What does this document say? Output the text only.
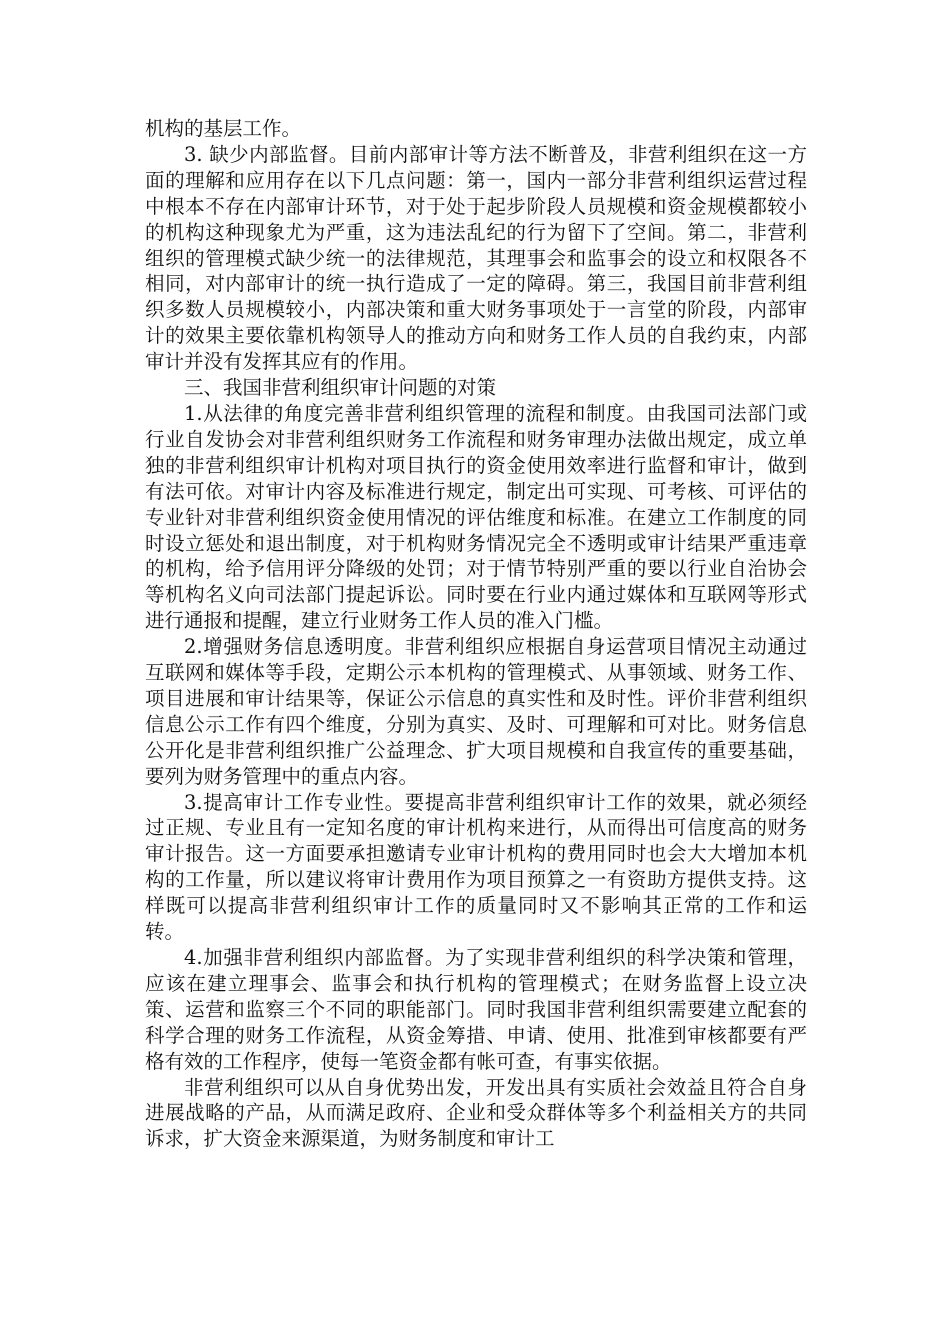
机构的基层工作。

3. 缺少内部监督。目前内部审计等方法不断普及，非营利组织在这一方面的理解和应用存在以下几点问题：第一，国内一部分非营利组织运营过程中根本不存在内部审计环节，对于处于起步阶段人员规模和资金规模都较小的机构这种现象尤为严重，这为违法乱纪的行为留下了空间。第二，非营利组织的管理模式缺少统一的法律规范，其理事会和监事会的设立和权限各不相同，对内部审计的统一执行造成了一定的障碍。第三，我国目前非营利组织多数人员规模较小，内部决策和重大财务事项处于一言堂的阶段，内部审计的效果主要依靠机构领导人的推动方向和财务工作人员的自我约束，内部审计并没有发挥其应有的作用。

三、我国非营利组织审计问题的对策

1.从法律的角度完善非营利组织管理的流程和制度。由我国司法部门或行业自发协会对非营利组织财务工作流程和财务审理办法做出规定，成立单独的非营利组织审计机构对项目执行的资金使用效率进行监督和审计，做到有法可依。对审计内容及标准进行规定，制定出可实现、可考核、可评估的专业针对非营利组织资金使用情况的评估维度和标准。在建立工作制度的同时设立惩处和退出制度，对于机构财务情况完全不透明或审计结果严重违章的机构，给予信用评分降级的处罚；对于情节特别严重的要以行业自治协会等机构名义向司法部门提起诉讼。同时要在行业内通过媒体和互联网等形式进行通报和提醒，建立行业财务工作人员的准入门槛。

2.增强财务信息透明度。非营利组织应根据自身运营项目情况主动通过互联网和媒体等手段，定期公示本机构的管理模式、从事领域、财务工作、项目进展和审计结果等，保证公示信息的真实性和及时性。评价非营利组织信息公示工作有四个维度，分别为真实、及时、可理解和可对比。财务信息公开化是非营利组织推广公益理念、扩大项目规模和自我宣传的重要基础，要列为财务管理中的重点内容。

3.提高审计工作专业性。要提高非营利组织审计工作的效果，就必须经过正规、专业且有一定知名度的审计机构来进行，从而得出可信度高的财务审计报告。这一方面要承担邀请专业审计机构的费用同时也会大大增加本机构的工作量，所以建议将审计费用作为项目预算之一有资助方提供支持。这样既可以提高非营利组织审计工作的质量同时又不影响其正常的工作和运转。

4.加强非营利组织内部监督。为了实现非营利组织的科学决策和管理，应该在建立理事会、监事会和执行机构的管理模式；在财务监督上设立决策、运营和监察三个不同的职能部门。同时我国非营利组织需要建立配套的科学合理的财务工作流程，从资金筹措、申请、使用、批准到审核都要有严格有效的工作程序，使每一笔资金都有帐可查，有事实依据。

非营利组织可以从自身优势出发，开发出具有实质社会效益且符合自身进展战略的产品，从而满足政府、企业和受众群体等多个利益相关方的共同诉求，扩大资金来源渠道，为财务制度和审计工
